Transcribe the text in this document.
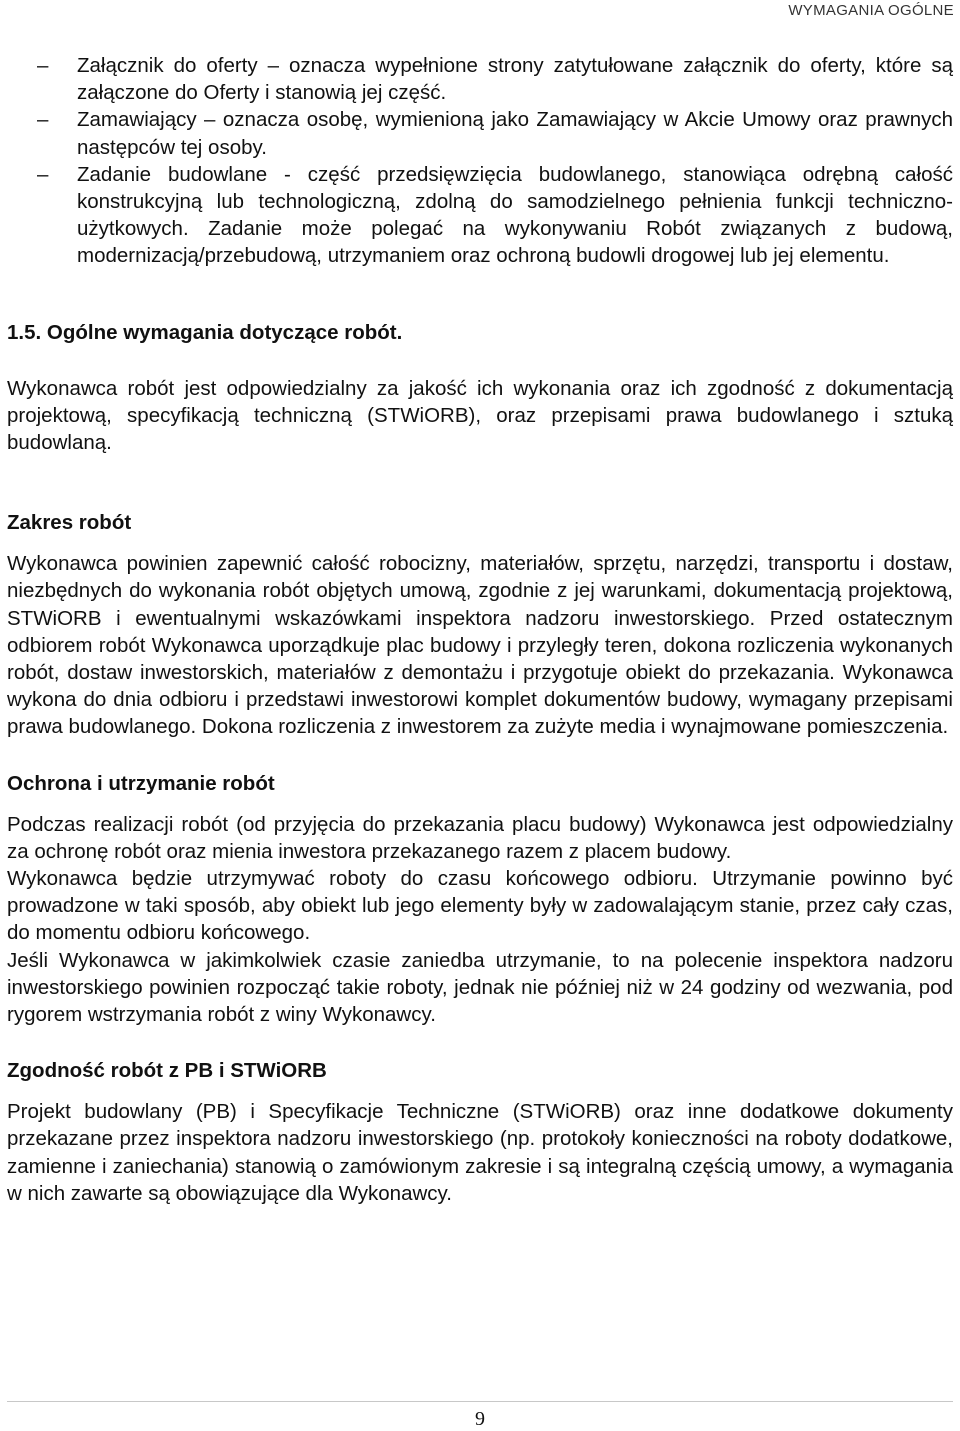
WYMAGANIA OGÓLNE
– Załącznik do oferty – oznacza wypełnione strony zatytułowane załącznik do oferty, które są załączone do Oferty i stanowią jej część.
– Zamawiający – oznacza osobę, wymienioną jako Zamawiający w Akcie Umowy oraz prawnych następców tej osoby.
– Zadanie budowlane - część przedsięwzięcia budowlanego, stanowiąca odrębną całość konstrukcyjną lub technologiczną, zdolną do samodzielnego pełnienia funkcji techniczno-użytkowych. Zadanie może polegać na wykonywaniu Robót związanych z budową, modernizacją/przebudową, utrzymaniem oraz ochroną budowli drogowej lub jej elementu.
1.5. Ogólne wymagania dotyczące robót.

Wykonawca robót jest odpowiedzialny za jakość ich wykonania oraz ich zgodność z dokumentacją projektową, specyfikacją techniczną (STWiORB), oraz przepisami prawa budowlanego i sztuką budowlaną.

Zakres robót

Wykonawca powinien zapewnić całość robocizny, materiałów, sprzętu, narzędzi, transportu i dostaw, niezbędnych do wykonania robót objętych umową, zgodnie z jej warunkami, dokumentacją projektową, STWiORB i ewentualnymi wskazówkami inspektora nadzoru inwestorskiego. Przed ostatecznym odbiorem robót Wykonawca uporządkuje plac budowy i przyległy teren, dokona rozliczenia wykonanych robót, dostaw inwestorskich, materiałów z demontażu i przygotuje obiekt do przekazania. Wykonawca wykona do dnia odbioru i przedstawi inwestorowi komplet dokumentów budowy, wymagany przepisami prawa budowlanego. Dokona rozliczenia z inwestorem za zużyte media i wynajmowane pomieszczenia.

Ochrona i utrzymanie robót

Podczas realizacji robót (od przyjęcia do przekazania placu budowy) Wykonawca jest odpowiedzialny za ochronę robót oraz mienia inwestora przekazanego razem z placem budowy.

Wykonawca będzie utrzymywać roboty do czasu końcowego odbioru. Utrzymanie powinno być prowadzone w taki sposób, aby obiekt lub jego elementy były w zadowalającym stanie, przez cały czas, do momentu odbioru końcowego.

Jeśli Wykonawca w jakimkolwiek czasie zaniedba utrzymanie, to na polecenie inspektora nadzoru inwestorskiego powinien rozpocząć takie roboty, jednak nie później niż w 24 godziny od wezwania, pod rygorem wstrzymania robót z winy Wykonawcy.

Zgodność robót z PB i STWiORB

Projekt budowlany (PB) i Specyfikacje Techniczne (STWiORB) oraz inne dodatkowe dokumenty przekazane przez inspektora nadzoru inwestorskiego (np. protokoły konieczności na roboty dodatkowe, zamienne i zaniechania) stanowią o zamówionym zakresie i są integralną częścią umowy, a wymagania w nich zawarte są obowiązujące dla Wykonawcy.

9
